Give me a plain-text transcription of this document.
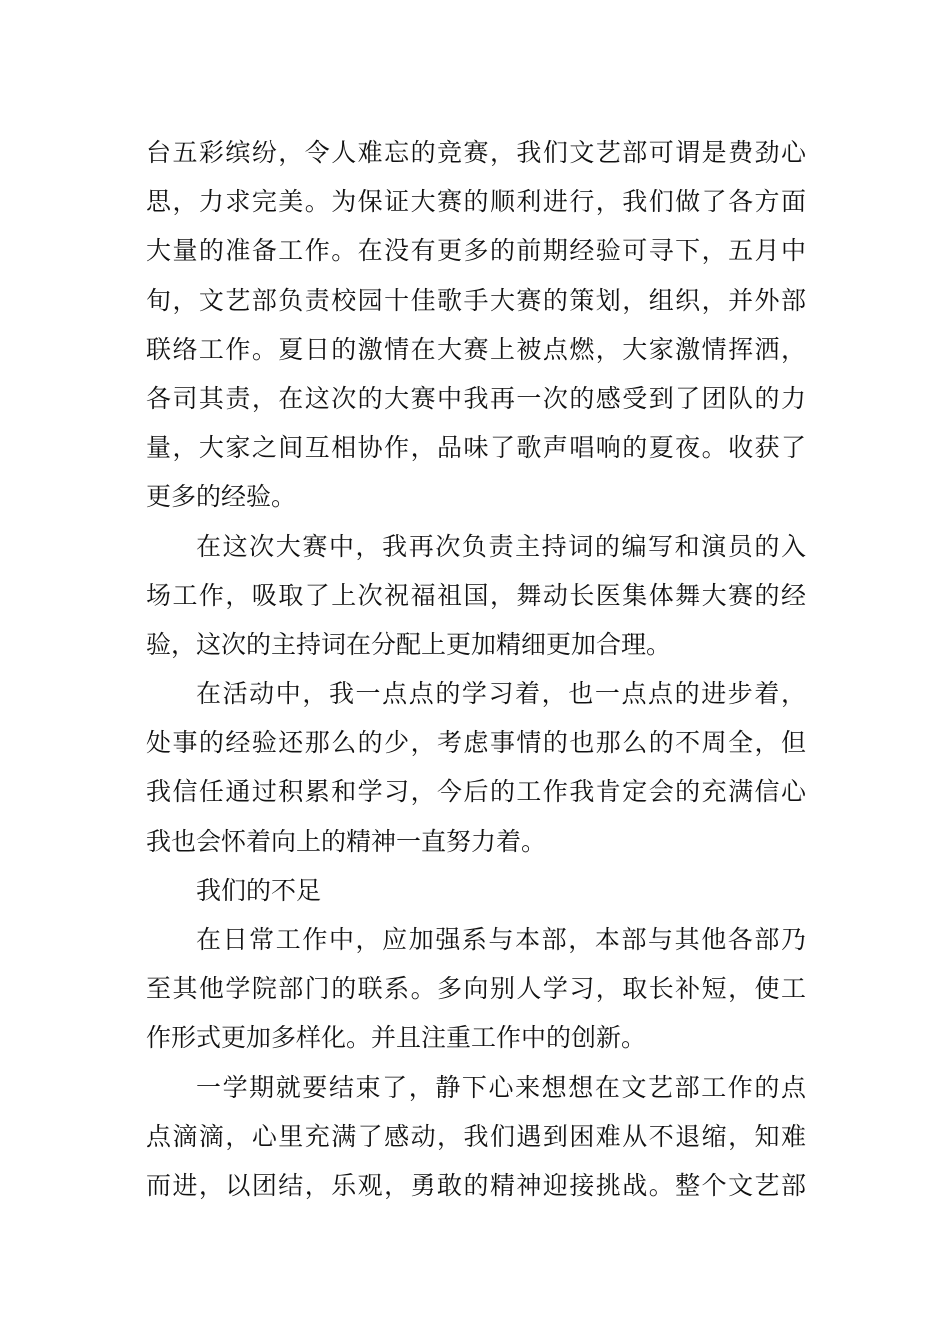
台五彩缤纷，令人难忘的竞赛，我们文艺部可谓是费劲心
思，力求完美。为保证大赛的顺利进行，我们做了各方面
大量的准备工作。在没有更多的前期经验可寻下，五月中
旬，文艺部负责校园十佳歌手大赛的策划，组织，并外部
联络工作。夏日的激情在大赛上被点燃，大家激情挥洒，
各司其责，在这次的大赛中我再一次的感受到了团队的力
量，大家之间互相协作，品味了歌声唱响的夏夜。收获了
更多的经验。
在这次大赛中，我再次负责主持词的编写和演员的入
场工作，吸取了上次祝福祖国，舞动长医集体舞大赛的经
验，这次的主持词在分配上更加精细更加合理。
在活动中，我一点点的学习着，也一点点的进步着，
处事的经验还那么的少，考虑事情的也那么的不周全，但
我信任通过积累和学习，今后的工作我肯定会的充满信心
我也会怀着向上的精神一直努力着。
我们的不足
在日常工作中，应加强系与本部，本部与其他各部乃
至其他学院部门的联系。多向别人学习，取长补短，使工
作形式更加多样化。并且注重工作中的创新。
一学期就要结束了，静下心来想想在文艺部工作的点
点滴滴，心里充满了感动，我们遇到困难从不退缩，知难
而进，以团结，乐观，勇敢的精神迎接挑战。整个文艺部
